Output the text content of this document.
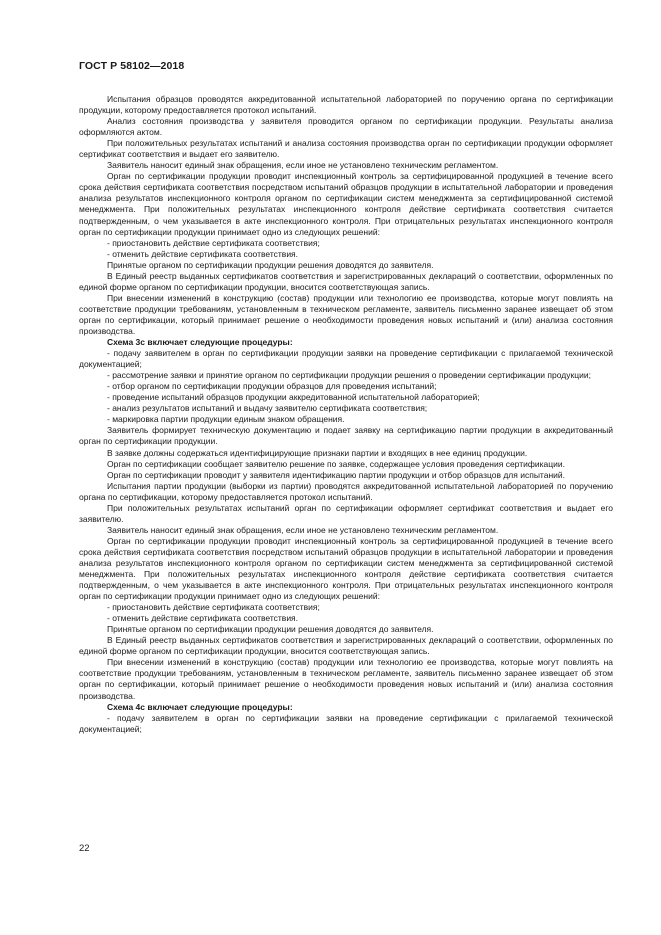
ГОСТ Р 58102—2018

Испытания образцов проводятся аккредитованной испытательной лабораторией по поручению органа по сертификации продукции, которому предоставляется протокол испытаний.

Анализ состояния производства у заявителя проводится органом по сертификации продукции. Результаты анализа оформляются актом.

При положительных результатах испытаний и анализа состояния производства орган по сертификации продукции оформляет сертификат соответствия и выдает его заявителю.

Заявитель наносит единый знак обращения, если иное не установлено техническим регламентом.

Орган по сертификации продукции проводит инспекционный контроль за сертифицированной продукцией в течение всего срока действия сертификата соответствия посредством испытаний образцов продукции в испытательной лаборатории и проведения анализа результатов инспекционного контроля органом по сертификации систем менеджмента за сертифицированной системой менеджмента. При положительных результатах инспекционного контроля действие сертификата соответствия считается подтвержденным, о чем указывается в акте инспекционного контроля. При отрицательных результатах инспекционного контроля орган по сертификации продукции принимает одно из следующих решений:

- приостановить действие сертификата соответствия;

- отменить действие сертификата соответствия.

Принятые органом по сертификации продукции решения доводятся до заявителя.

В Единый реестр выданных сертификатов соответствия и зарегистрированных деклараций о соответствии, оформленных по единой форме органом по сертификации продукции, вносится соответствующая запись.

При внесении изменений в конструкцию (состав) продукции или технологию ее производства, которые могут повлиять на соответствие продукции требованиям, установленным в техническом регламенте, заявитель письменно заранее извещает об этом орган по сертификации, который принимает решение о необходимости проведения новых испытаний и (или) анализа состояния производства.

Схема 3с включает следующие процедуры:

- подачу заявителем в орган по сертификации продукции заявки на проведение сертификации с прилагаемой технической документацией;

- рассмотрение заявки и принятие органом по сертификации продукции решения о проведении сертификации продукции;

- отбор органом по сертификации продукции образцов для проведения испытаний;

- проведение испытаний образцов продукции аккредитованной испытательной лабораторией;

- анализ результатов испытаний и выдачу заявителю сертификата соответствия;

- маркировка партии продукции единым знаком обращения.

Заявитель формирует техническую документацию и подает заявку на сертификацию партии продукции в аккредитованный орган по сертификации продукции.

В заявке должны содержаться идентифицирующие признаки партии и входящих в нее единиц продукции.

Орган по сертификации сообщает заявителю решение по заявке, содержащее условия проведения сертификации.

Орган по сертификации проводит у заявителя идентификацию партии продукции и отбор образцов для испытаний.

Испытания партии продукции (выборки из партии) проводятся аккредитованной испытательной лабораторией по поручению органа по сертификации, которому предоставляется протокол испытаний.

При положительных результатах испытаний орган по сертификации оформляет сертификат соответствия и выдает его заявителю.

Заявитель наносит единый знак обращения, если иное не установлено техническим регламентом.

Орган по сертификации продукции проводит инспекционный контроль за сертифицированной продукцией в течение всего срока действия сертификата соответствия посредством испытаний образцов продукции в испытательной лаборатории и проведения анализа результатов инспекционного контроля органом по сертификации систем менеджмента за сертифицированной системой менеджмента. При положительных результатах инспекционного контроля действие сертификата соответствия считается подтвержденным, о чем указывается в акте инспекционного контроля. При отрицательных результатах инспекционного контроля орган по сертификации продукции принимает одно из следующих решений:

- приостановить действие сертификата соответствия;

- отменить действие сертификата соответствия.

Принятые органом по сертификации продукции решения доводятся до заявителя.

В Единый реестр выданных сертификатов соответствия и зарегистрированных деклараций о соответствии, оформленных по единой форме органом по сертификации продукции, вносится соответствующая запись.

При внесении изменений в конструкцию (состав) продукции или технологию ее производства, которые могут повлиять на соответствие продукции требованиям, установленным в техническом регламенте, заявитель письменно заранее извещает об этом орган по сертификации, который принимает решение о необходимости проведения новых испытаний и (или) анализа состояния производства.

Схема 4с включает следующие процедуры:

- подачу заявителем в орган по сертификации заявки на проведение сертификации с прилагаемой технической документацией;

22
